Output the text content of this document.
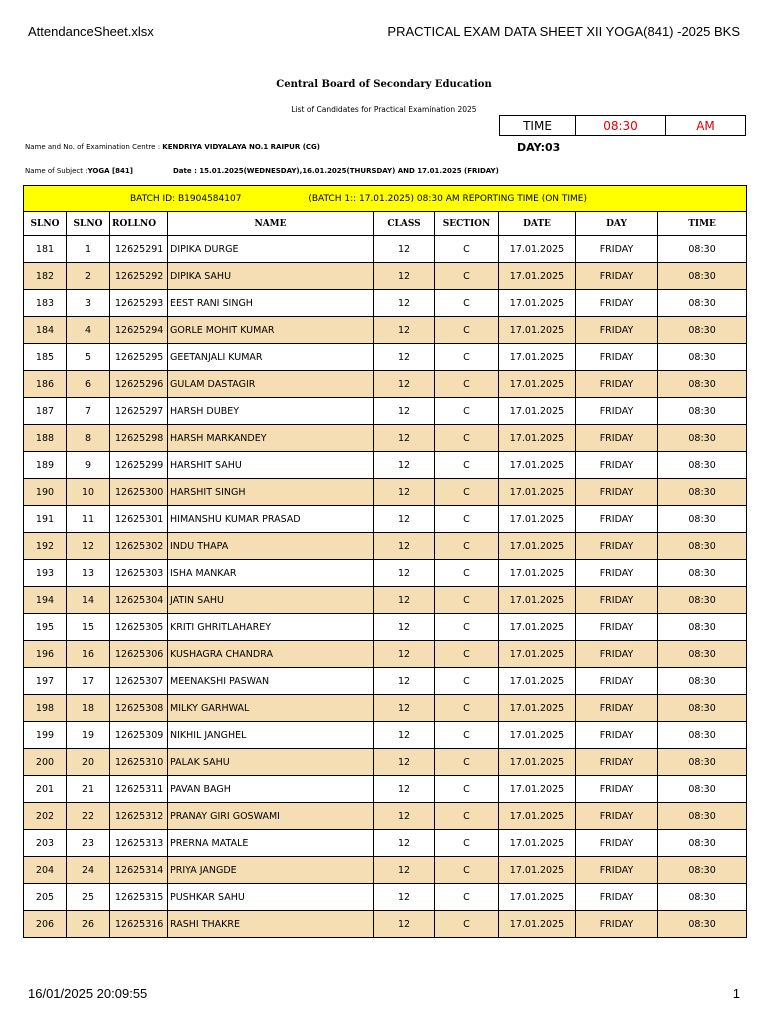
AttendanceSheet.xlsx	PRACTICAL EXAM DATA SHEET XII YOGA(841) -2025 BKS
Central Board of Secondary Education
List of Candidates for Practical Examination 2025
TIME	08:30	AM
DAY:03
Name and No. of Examination Centre : KENDRIYA VIDYALAYA NO.1 RAIPUR (CG)
Name of Subject :YOGA [841]	Date : 15.01.2025(WEDNESDAY),16.01.2025(THURSDAY) AND 17.01.2025 (FRIDAY)
BATCH ID: B1904584107 (BATCH 1:: 17.01.2025) 08:30 AM REPORTING TIME (ON TIME)								
SLNO	SLNO	ROLLNO	NAME	CLASS	SECTION	DATE	DAY	TIME
181	1	12625291	DIPIKA DURGE	12	C	17.01.2025	FRIDAY	08:30
182	2	12625292	DIPIKA SAHU	12	C	17.01.2025	FRIDAY	08:30
183	3	12625293	EEST RANI SINGH	12	C	17.01.2025	FRIDAY	08:30
184	4	12625294	GORLE MOHIT KUMAR	12	C	17.01.2025	FRIDAY	08:30
185	5	12625295	GEETANJALI KUMAR	12	C	17.01.2025	FRIDAY	08:30
186	6	12625296	GULAM DASTAGIR	12	C	17.01.2025	FRIDAY	08:30
187	7	12625297	HARSH DUBEY	12	C	17.01.2025	FRIDAY	08:30
188	8	12625298	HARSH MARKANDEY	12	C	17.01.2025	FRIDAY	08:30
189	9	12625299	HARSHIT SAHU	12	C	17.01.2025	FRIDAY	08:30
190	10	12625300	HARSHIT SINGH	12	C	17.01.2025	FRIDAY	08:30
191	11	12625301	HIMANSHU KUMAR PRASAD	12	C	17.01.2025	FRIDAY	08:30
192	12	12625302	INDU THAPA	12	C	17.01.2025	FRIDAY	08:30
193	13	12625303	ISHA MANKAR	12	C	17.01.2025	FRIDAY	08:30
194	14	12625304	JATIN SAHU	12	C	17.01.2025	FRIDAY	08:30
195	15	12625305	KRITI GHRITLAHAREY	12	C	17.01.2025	FRIDAY	08:30
196	16	12625306	KUSHAGRA CHANDRA	12	C	17.01.2025	FRIDAY	08:30
197	17	12625307	MEENAKSHI PASWAN	12	C	17.01.2025	FRIDAY	08:30
198	18	12625308	MILKY GARHWAL	12	C	17.01.2025	FRIDAY	08:30
199	19	12625309	NIKHIL JANGHEL	12	C	17.01.2025	FRIDAY	08:30
200	20	12625310	PALAK SAHU	12	C	17.01.2025	FRIDAY	08:30
201	21	12625311	PAVAN BAGH	12	C	17.01.2025	FRIDAY	08:30
202	22	12625312	PRANAY GIRI GOSWAMI	12	C	17.01.2025	FRIDAY	08:30
203	23	12625313	PRERNA MATALE	12	C	17.01.2025	FRIDAY	08:30
204	24	12625314	PRIYA JANGDE	12	C	17.01.2025	FRIDAY	08:30
205	25	12625315	PUSHKAR SAHU	12	C	17.01.2025	FRIDAY	08:30
206	26	12625316	RASHI THAKRE	12	C	17.01.2025	FRIDAY	08:30
16/01/2025 20:09:55	1
